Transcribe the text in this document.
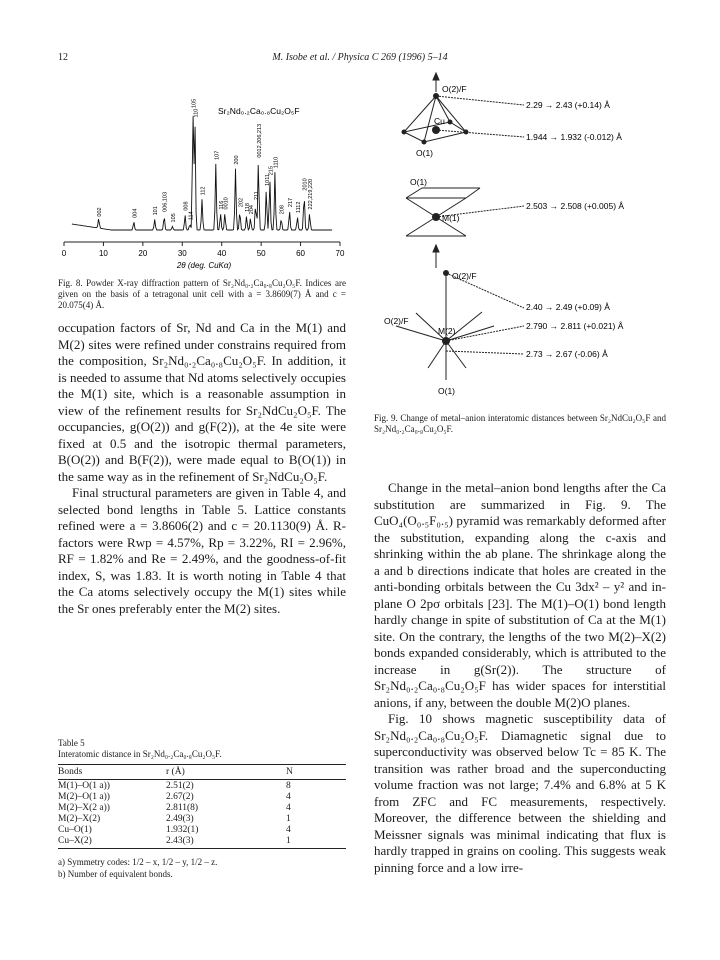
12	M. Isobe et al. / Physica C 269 (1996) 5–14
Sr₂Nd₀.₂Ca₀.₈Cu₂O₅F
0	10	20	30	40	50	60	70
002	004	101 006,103
105
008
114
105
110
112
107
116
0010
200
202
118
204
211
0012,206,213
1011
215
1110
208
217 1112
2010 222,219,220
2θ (deg. CuKα)
Fig. 8. Powder X-ray diffraction pattern of Sr₂Nd₀.₂Ca₀.₈Cu₂O₅F. Indices are given on the basis of a tetragonal unit cell with a = 3.8609(7) Å and c = 20.075(4) Å.

occupation factors of Sr, Nd and Ca in the M(1) and M(2) sites were refined under constrains required from the composition, Sr₂Nd₀.₂Ca₀.₈Cu₂O₅F. In addition, it is needed to assume that Nd atoms selectively occupies the M(1) site, which is a reasonable assumption in view of the refinement results for Sr₂NdCu₂O₅F. The occupancies, g(O(2)) and g(F(2)), at the 4e site were fixed at 0.5 and the isotropic thermal parameters, B(O(2)) and B(F(2)), were made equal to B(O(1)) in the same way as in the refinement of Sr₂NdCu₂O₅F.

Final structural parameters are given in Table 4, and selected bond lengths in Table 5. Lattice constants refined were a = 3.8606(2) and c = 20.1130(9) Å. R-factors were Rwp = 4.57%, Rp = 3.22%, RI = 2.96%, RF = 1.82% and Re = 2.49%, and the goodness-of-fit index, S, was 1.83. It is worth noting in Table 4 that the Ca atoms selectively occupy the M(1) sites while the Sr ones preferably enter the M(2) sites.

Table 5
Interatomic distance in Sr₂Nd₀.₂Ca₀.₈Cu₂O₅F.
Bonds	r (Å)	N
M(1)–O(1 a))	2.51(2)	8
M(2)–O(1 a))	2.67(2)	4
M(2)–X(2 a))	2.811(8)	4
M(2)–X(2)	2.49(3)	1
Cu–O(1)	1.932(1)	4
Cu–X(2)	2.43(3)	1

a) Symmetry codes: 1/2 – x, 1/2 – y, 1/2 – z.
b) Number of equivalent bonds.
O(2)/F
Cu
O(1)
O(1)
M(1)
O(2)/F
O(2)/F
M(2)
O(1)
2.29 → 2.43 (+0.14) Å
1.944 → 1.932 (-0.012) Å
2.503 → 2.508 (+0.005) Å
2.40 → 2.49 (+0.09) Å
2.790 → 2.811 (+0.021) Å
2.73 → 2.67 (-0.06) Å
Fig. 9. Change of metal–anion interatomic distances between Sr₂NdCu₂O₅F and Sr₂Nd₀.₂Ca₀.₈Cu₂O₅F.

Change in the metal–anion bond lengths after the Ca substitution are summarized in Fig. 9. The CuO₄(O₀.₅F₀.₅) pyramid was remarkably deformed after the substitution, expanding along the c-axis and shrinking within the ab plane. The shrinkage along the a and b directions indicate that holes are created in the anti-bonding orbitals between the Cu 3dx² – y² and in-plane O 2pσ orbitals [23]. The M(1)–O(1) bond length hardly change in spite of substitution of Ca at the M(1) site. On the contrary, the lengths of the two M(2)–X(2) bonds expanded considerably, which is attributed to the increase in g(Sr(2)). The structure of Sr₂Nd₀.₂Ca₀.₈Cu₂O₅F has wider spaces for interstitial anions, if any, between the double M(2)O planes.

Fig. 10 shows magnetic susceptibility data of Sr₂Nd₀.₂Ca₀.₈Cu₂O₅F. Diamagnetic signal due to superconductivity was observed below Tc = 85 K. The transition was rather broad and the superconducting volume fraction was not large; 7.4% and 6.8% at 5 K from ZFC and FC measurements, respectively. Moreover, the difference between the shielding and Meissner signals was minimal indicating that flux is hardly trapped in grains on cooling. This suggests weak pinning force and a low irre-
